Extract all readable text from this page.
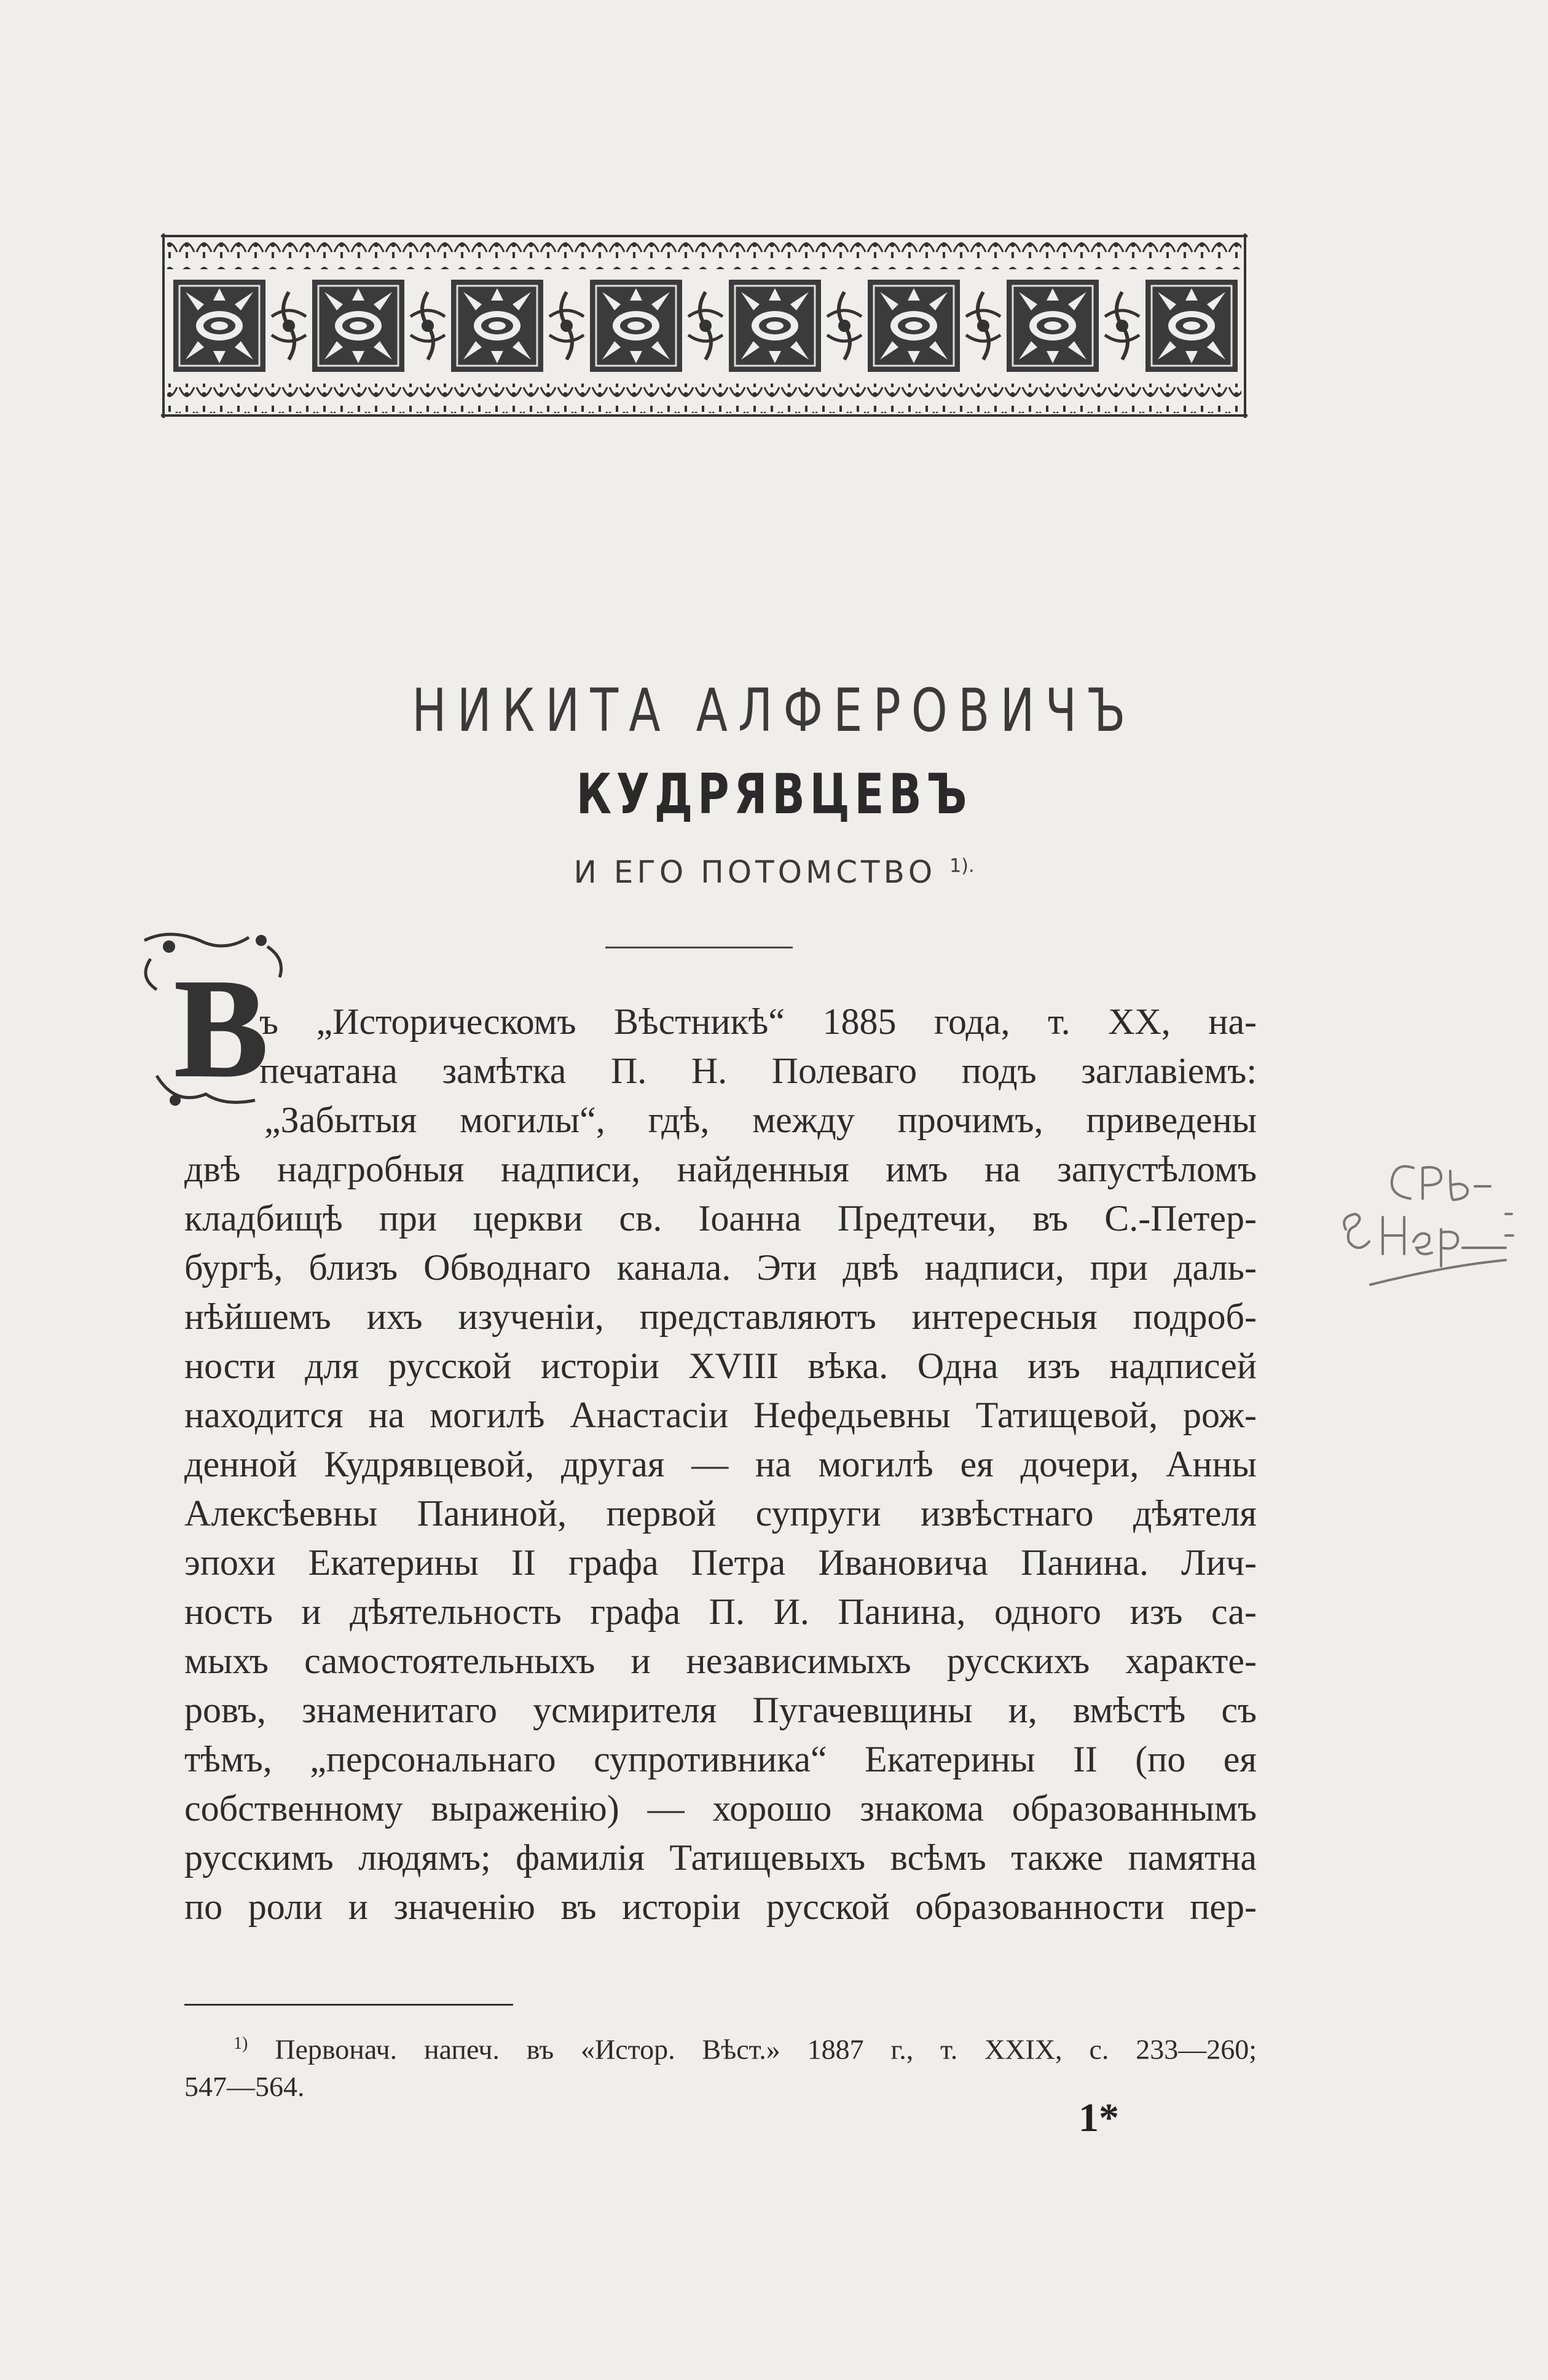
НИКИТА АЛФЕРОВИЧЪ
КУДРЯВЦЕВЪ
И ЕГО ПОТОМСТВО $^{1).}$
В
ъ „Историческомъ Вѣстникѣ“ 1885 года, т. XX, на-
печатана замѣтка П. Н. Полеваго подъ заглавіемъ:
„Забытыя могилы“, гдѣ, между прочимъ, приведены
двѣ надгробныя надписи, найденныя имъ на запустѣломъ
кладбищѣ при церкви св. Іоанна Предтечи, въ С.-Петер-
бургѣ, близъ Обводнаго канала. Эти двѣ надписи, при даль-
нѣйшемъ ихъ изученіи, представляютъ интересныя подроб-
ности для русской исторіи XVIII вѣка. Одна изъ надписей
находится на могилѣ Анастасіи Нефедьевны Татищевой, рож-
денной Кудрявцевой, другая — на могилѣ ея дочери, Анны
Алексѣевны Паниной, первой супруги извѣстнаго дѣятеля
эпохи Екатерины II графа Петра Ивановича Панина. Лич-
ность и дѣятельность графа П. И. Панина, одного изъ са-
мыхъ самостоятельныхъ и независимыхъ русскихъ характе-
ровъ, знаменитаго усмирителя Пугачевщины и, вмѣстѣ съ
тѣмъ, „персональнаго супротивника“ Екатерины II (по ея
собственному выраженію) — хорошо знакома образованнымъ
русскимъ людямъ; фамилія Татищевыхъ всѣмъ также памятна
по роли и значенію въ исторіи русской образованности пер-
$^{1)}$ Первонач. напеч. въ «Истор. Вѣст.» 1887 г., т. XXIX, с. 233—260;
547—564.
1*
